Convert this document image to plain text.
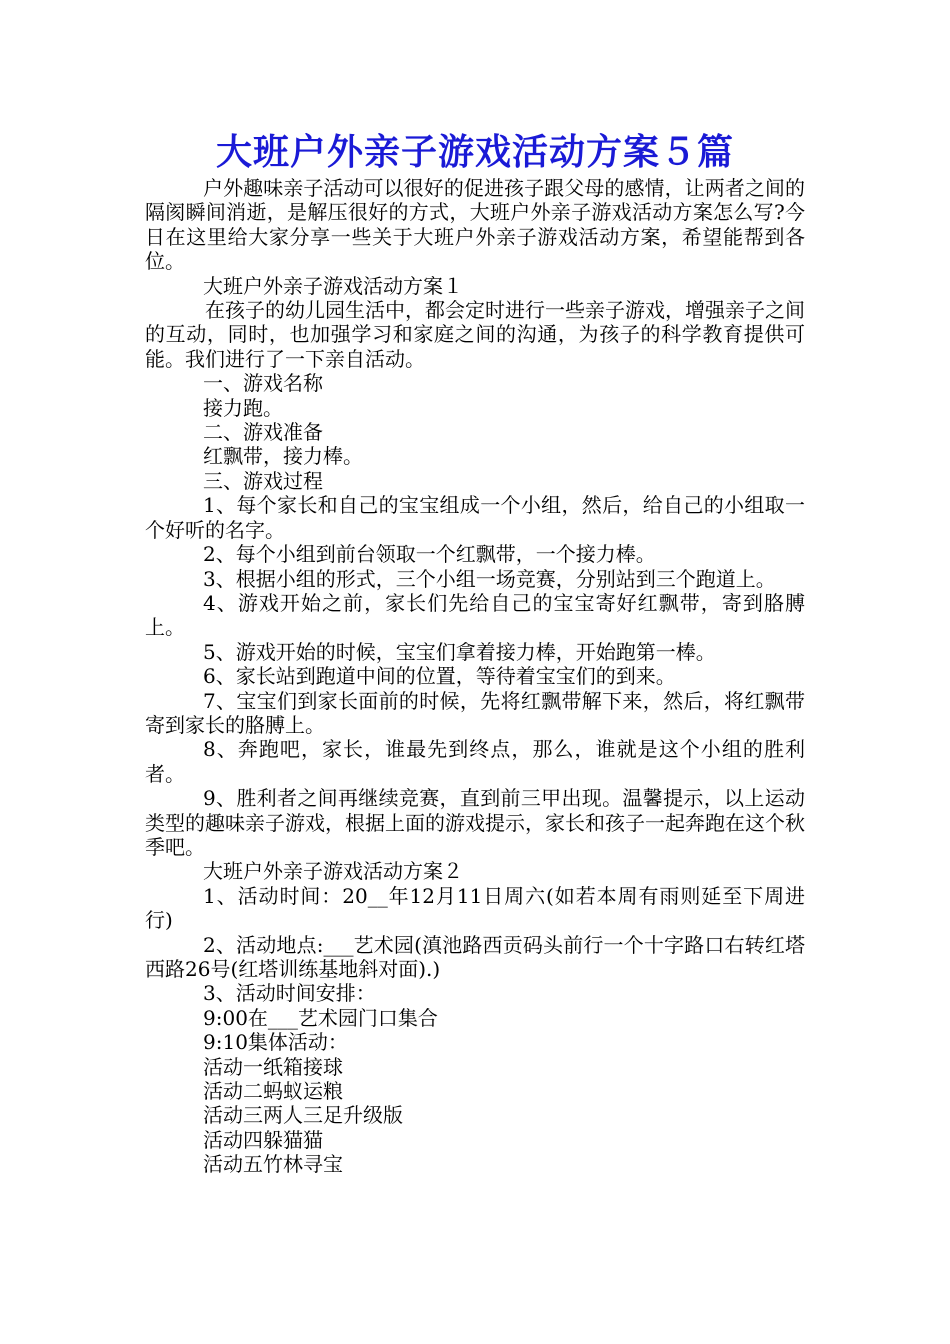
大班户外亲子游戏活动方案５篇

户外趣味亲子活动可以很好的促进孩子跟父母的感情，让两者之间的隔阂瞬间消逝，是解压很好的方式，大班户外亲子游戏活动方案怎么写?今日在这里给大家分享一些关于大班户外亲子游戏活动方案，希望能帮到各位。

大班户外亲子游戏活动方案１

在孩子的幼儿园生活中，都会定时进行一些亲子游戏，增强亲子之间的互动，同时，也加强学习和家庭之间的沟通，为孩子的科学教育提供可能。我们进行了一下亲自活动。

一、游戏名称

接力跑。

二、游戏准备

红飘带，接力棒。

三、游戏过程

1、每个家长和自己的宝宝组成一个小组，然后，给自己的小组取一个好听的名字。

2、每个小组到前台领取一个红飘带，一个接力棒。

3、根据小组的形式，三个小组一场竞赛，分别站到三个跑道上。

4、游戏开始之前，家长们先给自己的宝宝寄好红飘带，寄到胳膊上。

5、游戏开始的时候，宝宝们拿着接力棒，开始跑第一棒。

6、家长站到跑道中间的位置，等待着宝宝们的到来。

7、宝宝们到家长面前的时候，先将红飘带解下来，然后，将红飘带寄到家长的胳膊上。

8、奔跑吧，家长，谁最先到终点，那么，谁就是这个小组的胜利者。

9、胜利者之间再继续竞赛，直到前三甲出现。温馨提示，以上运动类型的趣味亲子游戏，根据上面的游戏提示，家长和孩子一起奔跑在这个秋季吧。

大班户外亲子游戏活动方案２

1、活动时间：20__年12月11日周六(如若本周有雨则延至下周进行)

2、活动地点:___艺术园(滇池路西贡码头前行一个十字路口右转红塔西路26号(红塔训练基地斜对面).)

3、活动时间安排：

9:00在___艺术园门口集合

9:10集体活动：

活动一纸箱接球

活动二蚂蚁运粮

活动三两人三足升级版

活动四躲猫猫

活动五竹林寻宝
